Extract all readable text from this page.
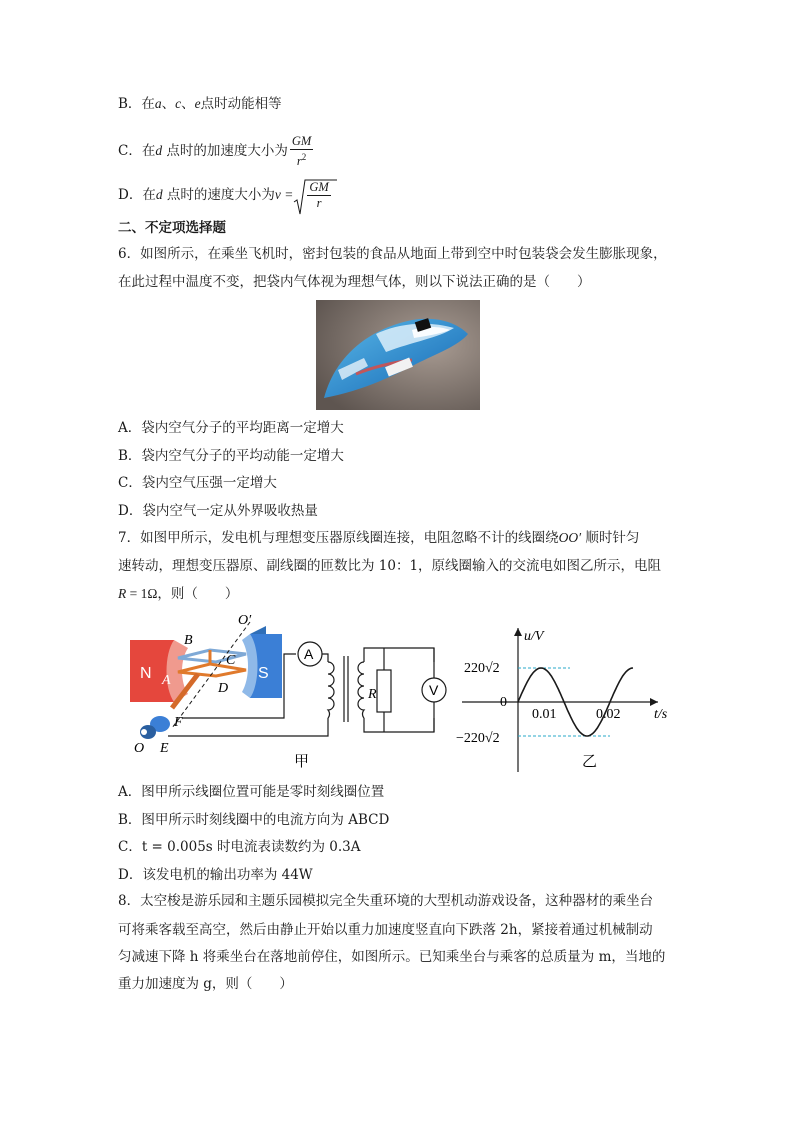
B．在a、c、e点时动能相等
C．在d 点时的加速度大小为 $\frac{GM}{r^2}$
D．在d 点时的速度大小为$v = \frac{GM}{r}$
二、不定项选择题
6．如图所示，在乘坐飞机时，密封包装的食品从地面上带到空中时包装袋会发生膨胀现象，
在此过程中温度不变，把袋内气体视为理想气体，则以下说法正确的是（　　）
A．袋内空气分子的平均距离一定增大
B．袋内空气分子的平均动能一定增大
C．袋内空气压强一定增大
D．袋内空气一定从外界吸收热量
7．如图甲所示，发电机与理想变压器原线圈连接，电阻忽略不计的线圈绕OO′ 顺时针匀
速转动，理想变压器原、副线圈的匝数比为 10：1，原线圈输入的交流电如图乙所示，电阻
R = 1Ω，则（　　）
N	S
O′
B
C
A
D
F
O E
A
R	V
甲
u/V
t/s
0
220√2
−220√2
0.01	0.02
乙
A．图甲所示线圈位置可能是零时刻线圈位置
B．图甲所示时刻线圈中的电流方向为 ABCD
C．t = 0.005s 时电流表读数约为 0.3A
D．该发电机的输出功率为 44W
8．太空梭是游乐园和主题乐园模拟完全失重环境的大型机动游戏设备，这种器材的乘坐台
可将乘客载至高空，然后由静止开始以重力加速度竖直向下跌落 2h，紧接着通过机械制动
匀减速下降 h 将乘坐台在落地前停住，如图所示。已知乘坐台与乘客的总质量为 m，当地的
重力加速度为 g，则（　　）
